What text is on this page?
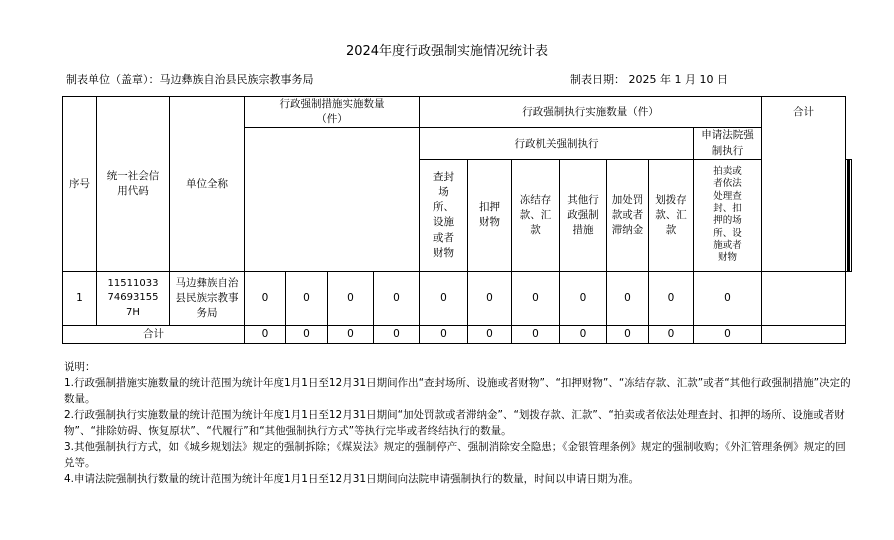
2024年度行政强制实施情况统计表
制表单位（盖章）：马边彝族自治县民族宗教事务局	制表日期： 2025 年 1 月 10 日
序号	统一社会信用代码	单位全称	行政强制措施实施数量（件）				行政强制执行实施数量（件）							合计			
							行政机关强制执行						申请法院强制执行				
							查封场所、设施或者财物	扣押财物	冻结存款、汇款	其他行政强制措施	加处罚款或者滞纳金	划拨存款、汇款	拍卖或者依法处理查封、扣押的场所、设施或者财物				
1	11511033746931557H	马边彝族自治县民族宗教事务局	0	0	0	0	0	0	0	0	0	0	0				
合计			0	0	0	0	0	0	0	0	0	0	0				

说明：

1.行政强制措施实施数量的统计范围为统计年度1月1日至12月31日期间作出“查封场所、设施或者财物”、“扣押财物”、“冻结存款、汇款”或者“其他行政强制措施”决定的数量。

2.行政强制执行实施数量的统计范围为统计年度1月1日至12月31日期间“加处罚款或者滞纳金”、“划拨存款、汇款”、“拍卖或者依法处理查封、扣押的场所、设施或者财物”、“排除妨碍、恢复原状”、“代履行”和“其他强制执行方式”等执行完毕或者终结执行的数量。

3.其他强制执行方式，如《城乡规划法》规定的强制拆除；《煤炭法》规定的强制停产、强制消除安全隐患；《金银管理条例》规定的强制收购；《外汇管理条例》规定的回兑等。

4.申请法院强制执行数量的统计范围为统计年度1月1日至12月31日期间向法院申请强制执行的数量，时间以申请日期为准。
